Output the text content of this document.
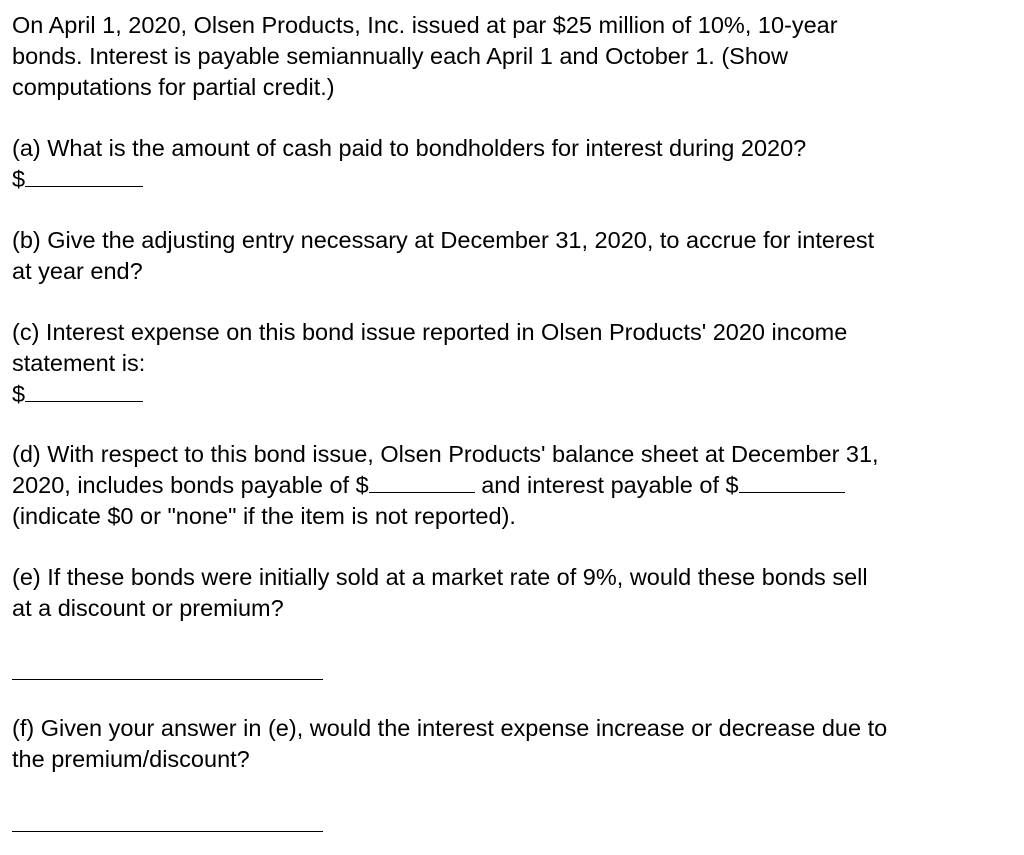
On April 1, 2020, Olsen Products, Inc. issued at par $25 million of 10%, 10-year

bonds. Interest is payable semiannually each April 1 and October 1. (Show

computations for partial credit.)

(a) What is the amount of cash paid to bondholders for interest during 2020?

$

(b) Give the adjusting entry necessary at December 31, 2020, to accrue for interest

at year end?

(c) Interest expense on this bond issue reported in Olsen Products' 2020 income

statement is:

$

(d) With respect to this bond issue, Olsen Products' balance sheet at December 31,

2020, includes bonds payable of $	and interest payable of $

(indicate $0 or "none" if the item is not reported).

(e) If these bonds were initially sold at a market rate of 9%, would these bonds sell

at a discount or premium?

(f) Given your answer in (e), would the interest expense increase or decrease due to

the premium/discount?
